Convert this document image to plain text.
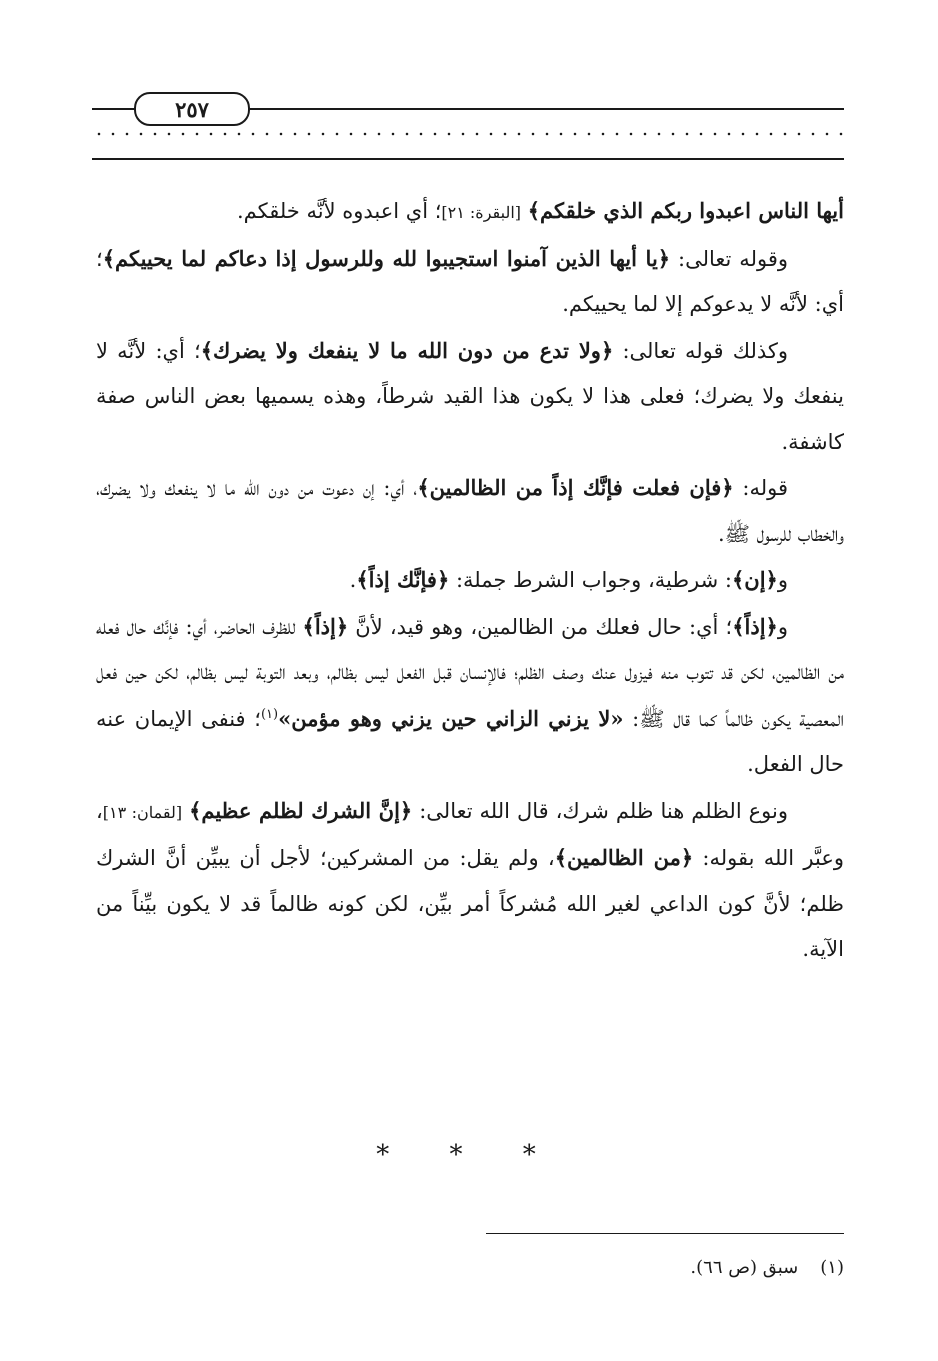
٢٥٧

أيها الناس اعبدوا ربكم الذي خلقكم﴾ [البقرة: ٢١]؛ أي اعبدوه لأنَّه خلقكم.

وقوله تعالى: ﴿يا أيها الذين آمنوا استجيبوا لله وللرسول إذا دعاكم لما يحييكم﴾؛ أي: لأنَّه لا يدعوكم إلا لما يحييكم.

وكذلك قوله تعالى: ﴿ولا تدع من دون الله ما لا ينفعك ولا يضرك﴾؛ أي: لأنَّه لا ينفعك ولا يضرك؛ فعلى هذا لا يكون هذا القيد شرطاً، وهذه يسميها بعض الناس صفة كاشفة.

قوله: ﴿فإن فعلت فإنَّك إذاً من الظالمين﴾، أي: إن دعوت من دون الله ما لا ينفعك ولا يضرك، والخطاب للرسول ﷺ.

و﴿إن﴾: شرطية، وجواب الشرط جملة: ﴿فإنَّك إذاً﴾.

و﴿إذاً﴾؛ أي: حال فعلك من الظالمين، وهو قيد، لأنَّ ﴿إذاً﴾ للظرف الحاضر، أي: فإنَّك حال فعله من الظالمين، لكن قد تتوب منه فيزول عنك وصف الظلم؛ فالإنسان قبل الفعل ليس بظالم، وبعد التوبة ليس بظالم، لكن حين فعل المعصية يكون ظالماً كما قال ﷺ: «لا يزني الزاني حين يزني وهو مؤمن»$^{(١)}$؛ فنفى الإيمان عنه حال الفعل.

ونوع الظلم هنا ظلم شرك، قال الله تعالى: ﴿إنَّ الشرك لظلم عظيم﴾ [لقمان: ١٣]، وعبَّر الله بقوله: ﴿من الظالمين﴾، ولم يقل: من المشركين؛ لأجل أن يبيِّن أنَّ الشرك ظلم؛ لأنَّ كون الداعي لغير الله مُشركاً أمر بيِّن، لكن كونه ظالماً قد لا يكون بيِّناً من الآية.

* * *
(١)سبق (ص ٦٦).
